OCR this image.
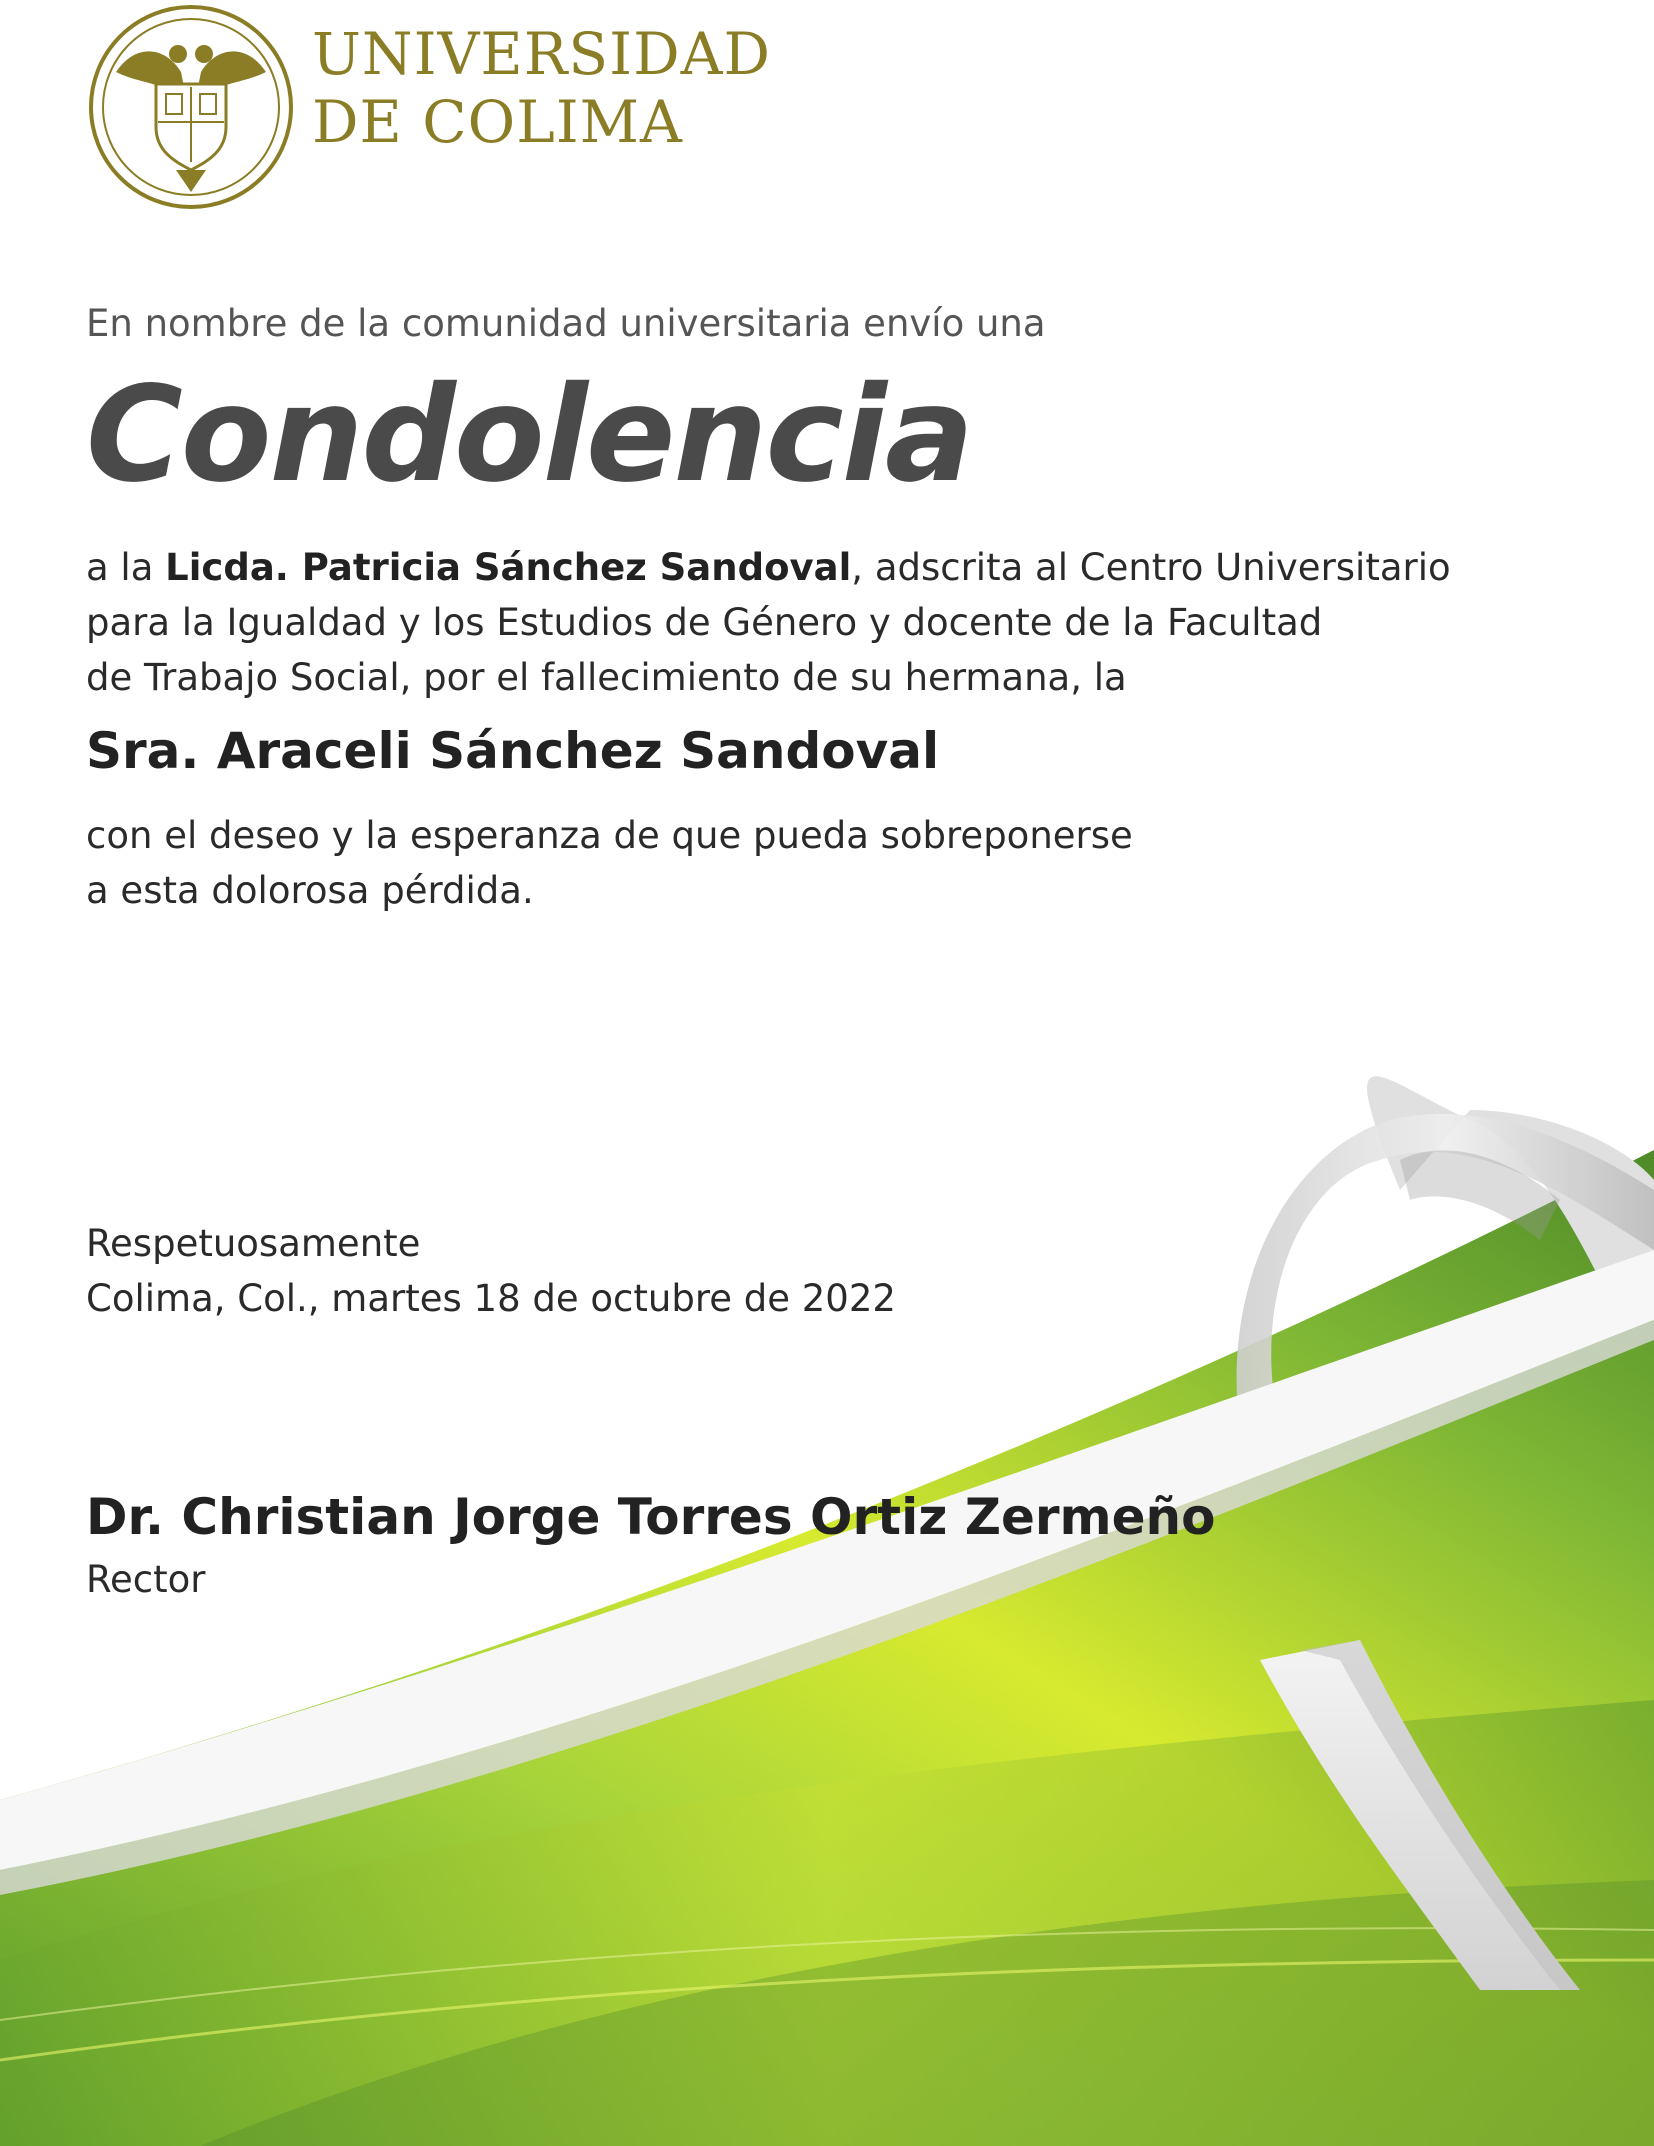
UNIVERSIDAD
DE COLIMA
En nombre de la comunidad universitaria envío una
Condolencia
a la Licda. Patricia Sánchez Sandoval, adscrita al Centro Universitario
para la Igualdad y los Estudios de Género y docente de la Facultad
de Trabajo Social, por el fallecimiento de su hermana, la
Sra. Araceli Sánchez Sandoval
con el deseo y la esperanza de que pueda sobreponerse
a esta dolorosa pérdida.
Respetuosamente
Colima, Col., martes 18 de octubre de 2022
Dr. Christian Jorge Torres Ortiz Zermeño
Rector
